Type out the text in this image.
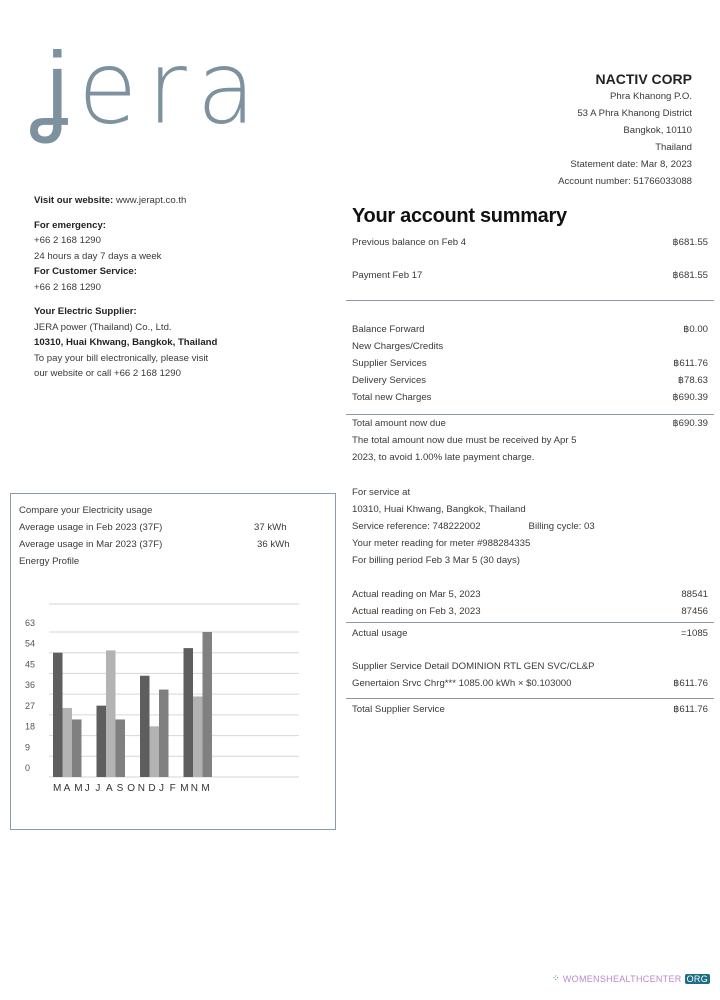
ʝera
Visit our website: www.jerapt.co.th
For emergency:
+66 2 168 1290
24 hours a day 7 days a week
For Customer Service:
+66 2 168 1290
Your Electric Supplier:
JERA power (Thailand) Co., Ltd.
10310, Huai Khwang, Bangkok, Thailand
To pay your bill electronically, please visit
our website or call +66 2 168 1290
NACTIV CORP
Phra Khanong P.O.
53 A Phra Khanong District
Bangkok, 10110
Thailand
Statement date: Mar 8, 2023
Account number: 51766033088
Your account summary
Previous balance on Feb 4	฿681.55
Payment Feb 17	฿681.55
Balance Forward	฿0.00
New Charges/Credits
Supplier Services	฿611.76
Delivery Services	฿78.63
Total new Charges	฿690.39
Total amount now due	฿690.39
The total amount now due must be received by Apr 5
2023, to avoid 1.00% late payment charge.
For service at
10310, Huai Khwang, Bangkok, Thailand
Service reference: 748222002	Billing cycle: 03
Your meter reading for meter #988284335
For billing period Feb 3 Mar 5 (30 days)
Actual reading on Mar 5, 2023	88541
Actual reading on Feb 3, 2023	87456
Actual usage	=1085
Supplier Service Detail DOMINION RTL GEN SVC/CL&P
Genertaion Srvc Chrg*** 1085.00 kWh × $0.103000	฿611.76
Total Supplier Service	฿611.76
Compare your Electricity usage
Average usage in Feb 2023 (37F)	37 kWh
Average usage in Mar 2023 (37F)	36 kWh
Energy Profile
0
9
18
27
36
45
54
63
M A M J J A S O N D J F M N M
⁘ WOMENSHEALTHCENTER ORG
